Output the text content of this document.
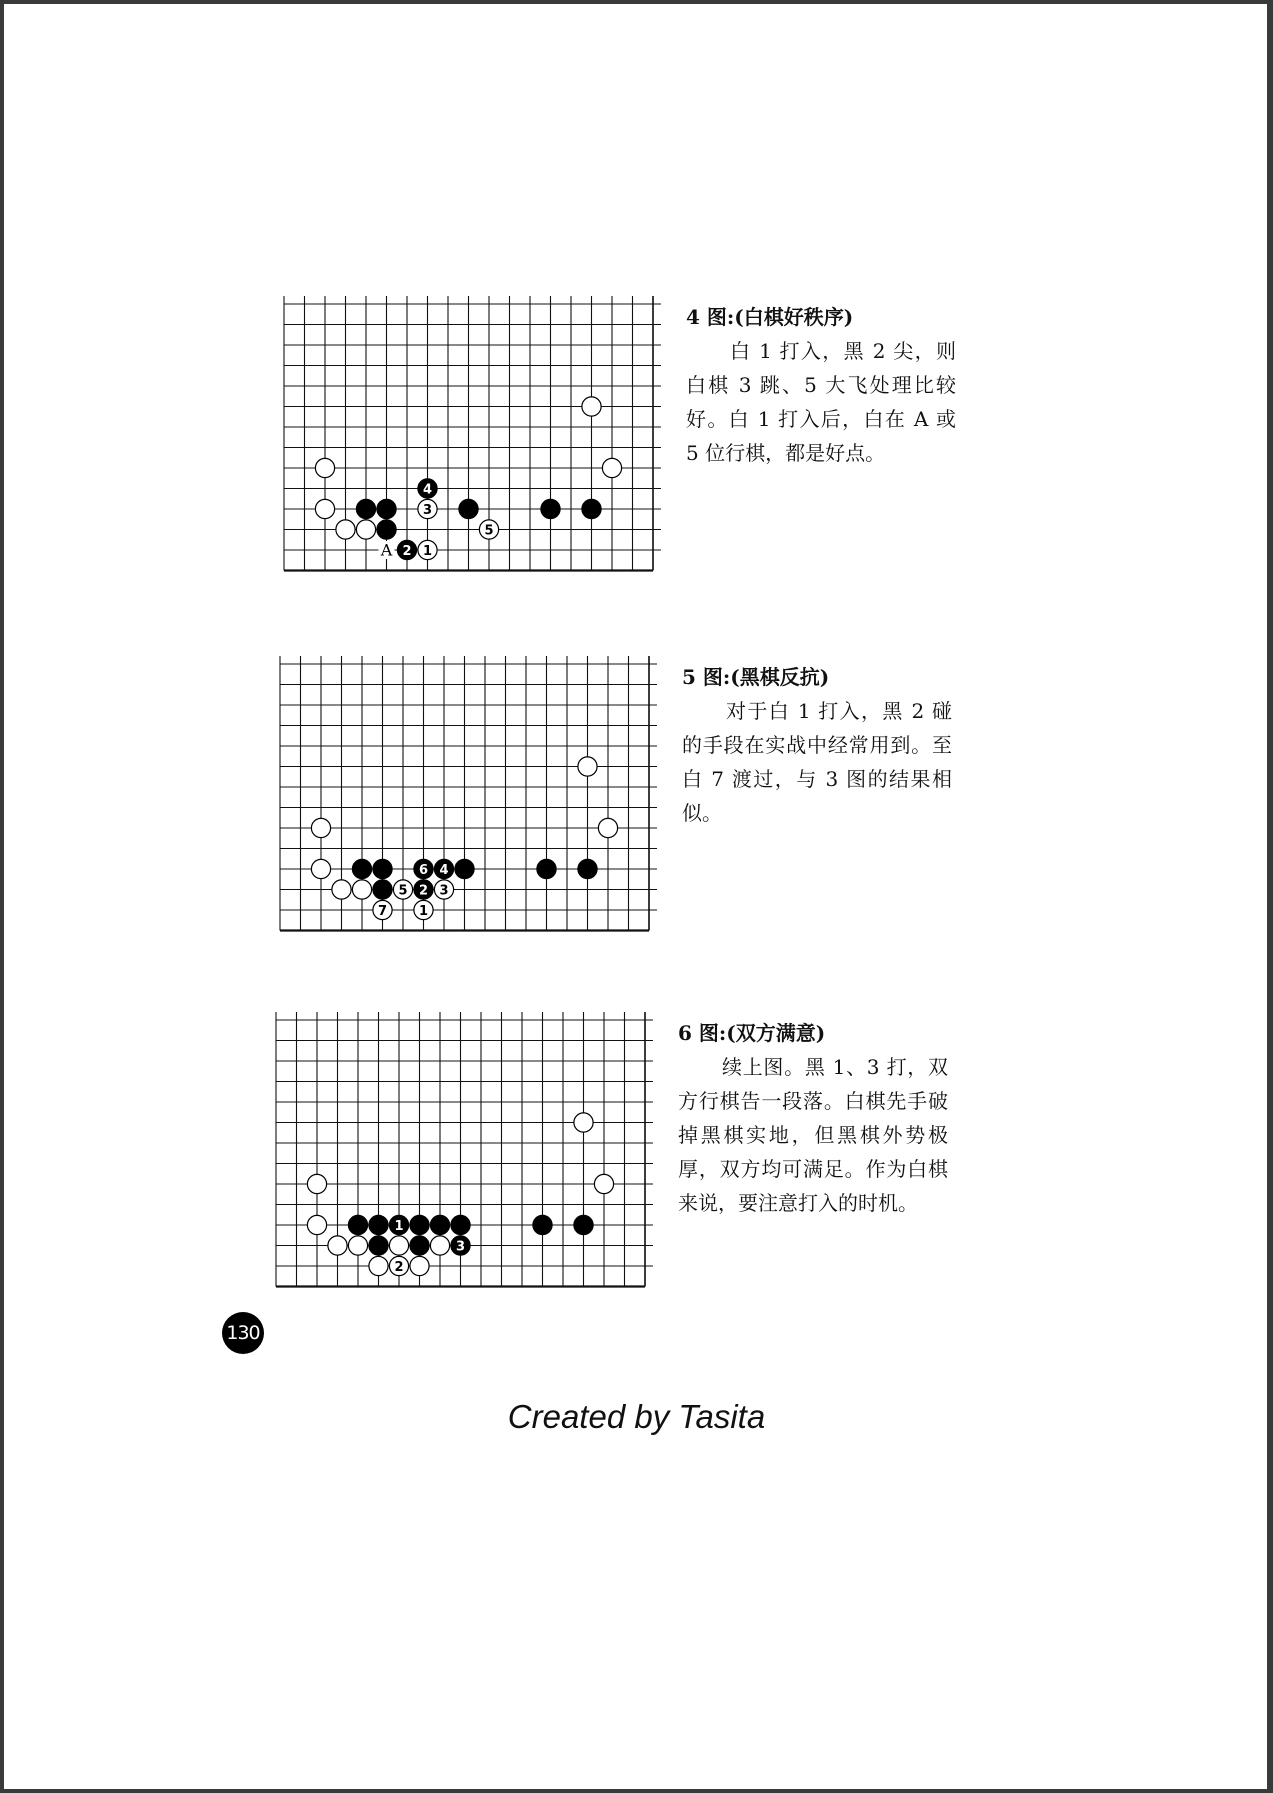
4
3
5
2 1
A

4 图:(白棋好秩序)

白 1 打入，黑 2 尖，则白棋 3 跳、5 大飞处理比较好。白 1 打入后，白在 A 或 5 位行棋，都是好点。

6 4
5 2 3
7 1

5 图:(黑棋反抗)

对于白 1 打入，黑 2 碰的手段在实战中经常用到。至白 7 渡过，与 3 图的结果相似。

1
3
2

6 图:(双方满意)

续上图。黑 1、3 打，双方行棋告一段落。白棋先手破掉黑棋实地，但黑棋外势极厚，双方均可满足。作为白棋来说，要注意打入的时机。

130
Created by Tasita
